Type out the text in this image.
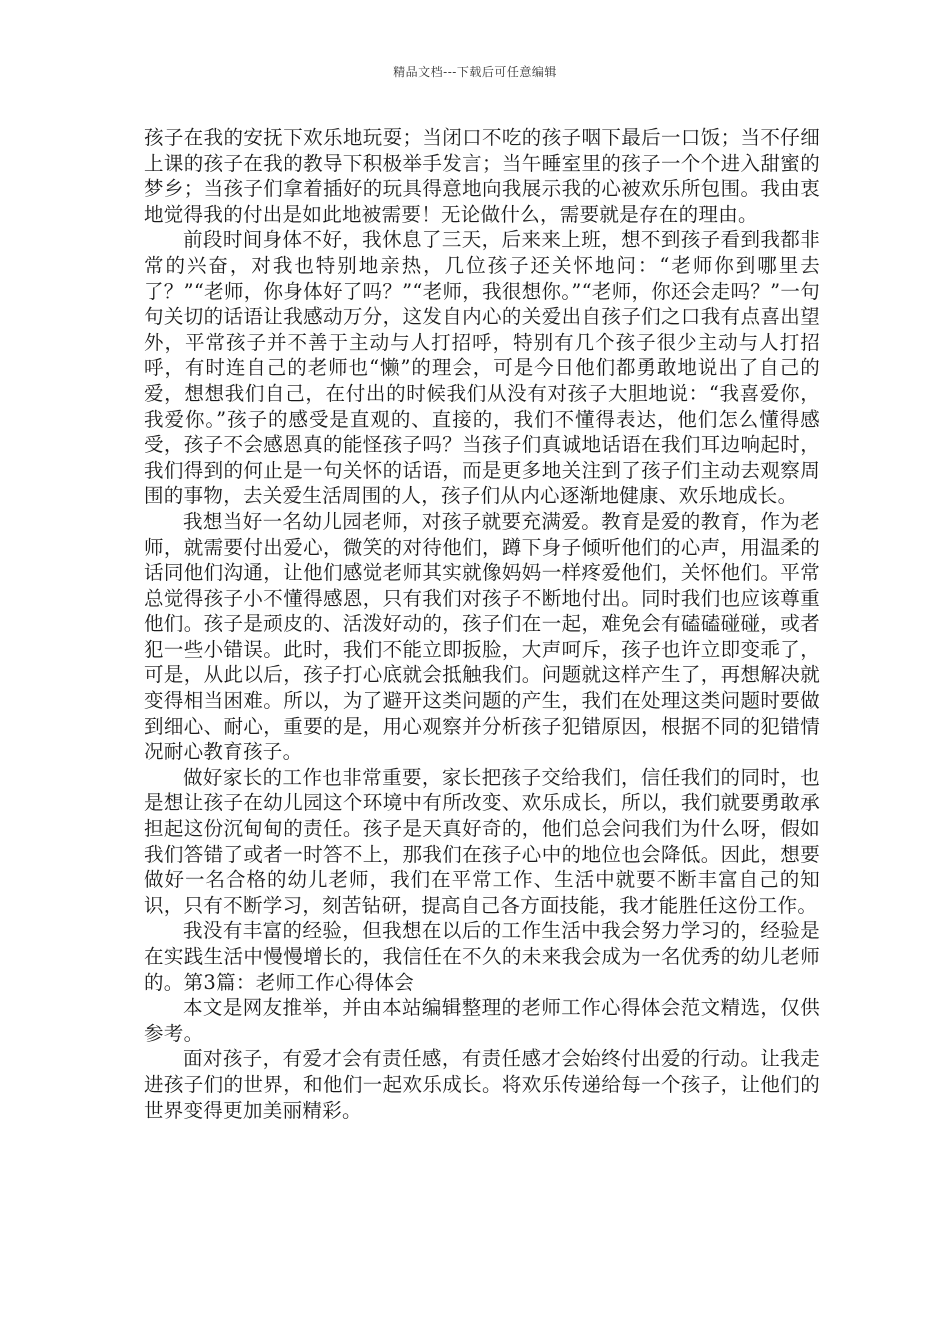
精品文档---下载后可任意编辑

孩子在我的安抚下欢乐地玩耍；当闭口不吃的孩子咽下最后一口饭；当不仔细上课的孩子在我的教导下积极举手发言；当午睡室里的孩子一个个进入甜蜜的梦乡；当孩子们拿着插好的玩具得意地向我展示我的心被欢乐所包围。我由衷地觉得我的付出是如此地被需要！无论做什么，需要就是存在的理由。

前段时间身体不好，我休息了三天，后来来上班，想不到孩子看到我都非常的兴奋，对我也特别地亲热，几位孩子还关怀地问：“老师你到哪里去了？”“老师，你身体好了吗？”“老师，我很想你。”“老师，你还会走吗？”一句句关切的话语让我感动万分，这发自内心的关爱出自孩子们之口我有点喜出望外，平常孩子并不善于主动与人打招呼，特别有几个孩子很少主动与人打招呼，有时连自己的老师也“懒”的理会，可是今日他们都勇敢地说出了自己的爱，想想我们自己，在付出的时候我们从没有对孩子大胆地说：“我喜爱你，我爱你。”孩子的感受是直观的、直接的，我们不懂得表达，他们怎么懂得感受，孩子不会感恩真的能怪孩子吗？当孩子们真诚地话语在我们耳边响起时，我们得到的何止是一句关怀的话语，而是更多地关注到了孩子们主动去观察周围的事物，去关爱生活周围的人，孩子们从内心逐渐地健康、欢乐地成长。

我想当好一名幼儿园老师，对孩子就要充满爱。教育是爱的教育，作为老师，就需要付出爱心，微笑的对待他们，蹲下身子倾听他们的心声，用温柔的话同他们沟通，让他们感觉老师其实就像妈妈一样疼爱他们，关怀他们。平常总觉得孩子小不懂得感恩，只有我们对孩子不断地付出。同时我们也应该尊重他们。孩子是顽皮的、活泼好动的，孩子们在一起，难免会有磕磕碰碰，或者犯一些小错误。此时，我们不能立即扳脸，大声呵斥，孩子也许立即变乖了，可是，从此以后，孩子打心底就会抵触我们。问题就这样产生了，再想解决就变得相当困难。所以，为了避开这类问题的产生，我们在处理这类问题时要做到细心、耐心，重要的是，用心观察并分析孩子犯错原因，根据不同的犯错情况耐心教育孩子。

做好家长的工作也非常重要，家长把孩子交给我们，信任我们的同时，也是想让孩子在幼儿园这个环境中有所改变、欢乐成长，所以，我们就要勇敢承担起这份沉甸甸的责任。孩子是天真好奇的，他们总会问我们为什么呀，假如我们答错了或者一时答不上，那我们在孩子心中的地位也会降低。因此，想要做好一名合格的幼儿老师，我们在平常工作、生活中就要不断丰富自己的知识，只有不断学习，刻苦钻研，提高自己各方面技能，我才能胜任这份工作。

我没有丰富的经验，但我想在以后的工作生活中我会努力学习的，经验是在实践生活中慢慢增长的，我信任在不久的未来我会成为一名优秀的幼儿老师的。第3篇：老师工作心得体会

本文是网友推举，并由本站编辑整理的老师工作心得体会范文精选，仅供参考。

面对孩子，有爱才会有责任感，有责任感才会始终付出爱的行动。让我走进孩子们的世界，和他们一起欢乐成长。将欢乐传递给每一个孩子，让他们的世界变得更加美丽精彩。
